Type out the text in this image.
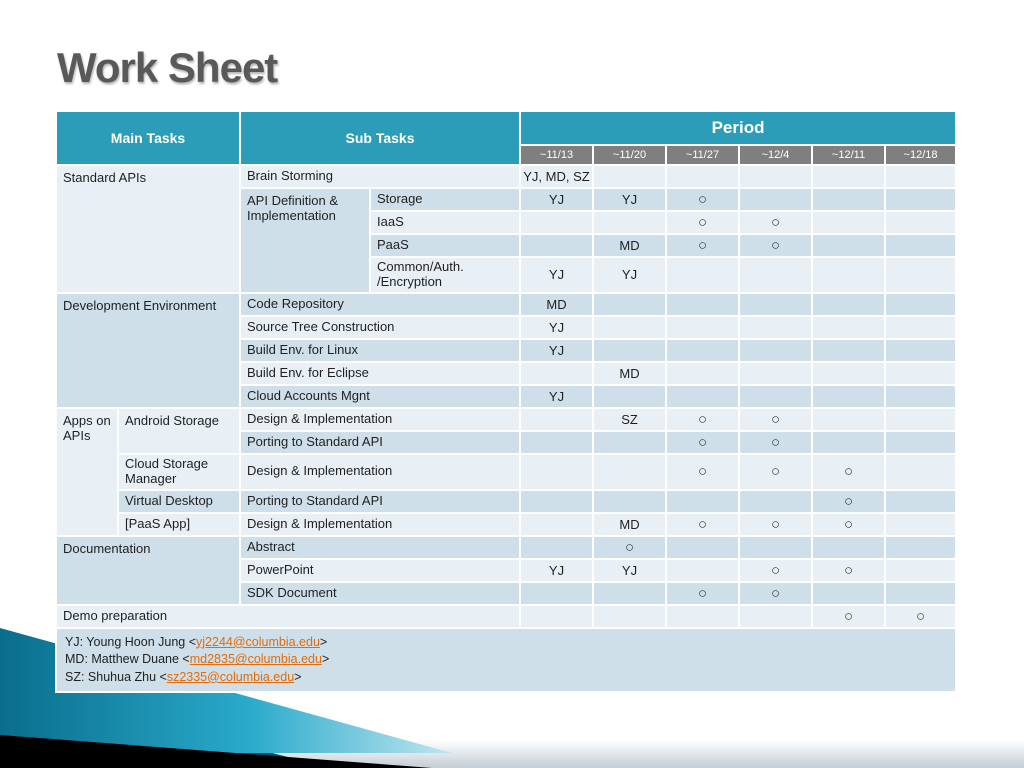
Work Sheet
Main Tasks		Sub Tasks		Period					
				~11/13	~11/20	~11/27	~12/4	~12/11	~12/18
Standard APIs		Brain Storming		YJ, MD, SZ					
		API Definition & Implementation	Storage	YJ	YJ	○			
			IaaS			○	○		
			PaaS		MD	○	○		
			Common/Auth. /Encryption	YJ	YJ				
Development Environment		Code Repository		MD					
		Source Tree Construction		YJ					
		Build Env. for Linux		YJ					
		Build Env. for Eclipse			MD				
		Cloud Accounts Mgnt		YJ					
Apps on APIs	Android Storage	Design & Implementation			SZ	○	○		
		Porting to Standard API				○	○		
	Cloud Storage Manager	Design & Implementation				○	○	○	
	Virtual Desktop	Porting to Standard API						○	
	[PaaS App]	Design & Implementation			MD	○	○	○	
Documentation		Abstract			○				
		PowerPoint		YJ	YJ		○	○	
		SDK Document				○	○		
Demo preparation								○	○

YJ: Young Hoon Jung <yj2244@columbia.edu>
MD: Matthew Duane <md2835@columbia.edu>
SZ: Shuhua Zhu <sz2335@columbia.edu>									
